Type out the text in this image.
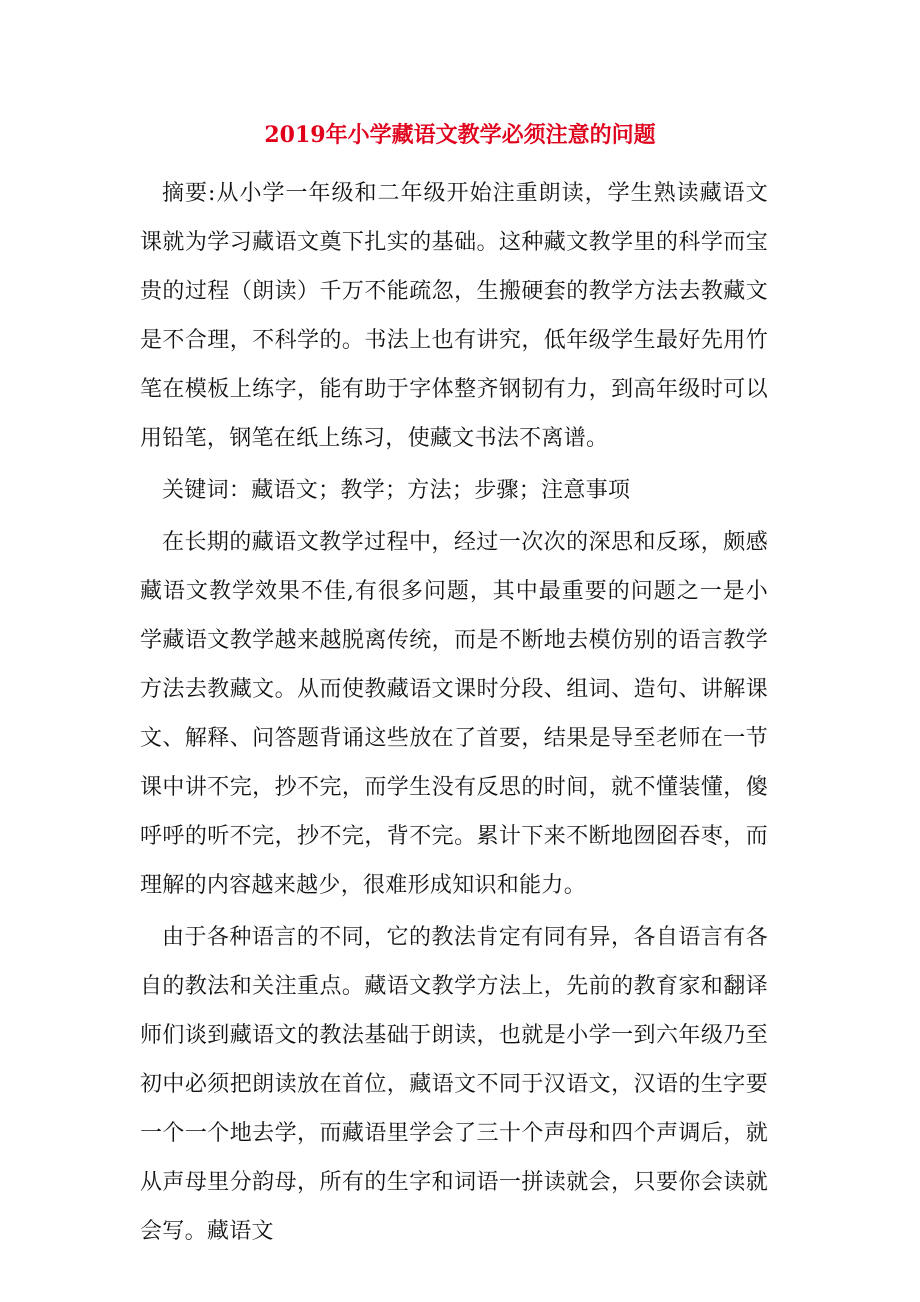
2019年小学藏语文教学必须注意的问题

摘要:从小学一年级和二年级开始注重朗读，学生熟读藏语文课就为学习藏语文奠下扎实的基础。这种藏文教学里的科学而宝贵的过程（朗读）千万不能疏忽，生搬硬套的教学方法去教藏文是不合理，不科学的。书法上也有讲究，低年级学生最好先用竹笔在模板上练字，能有助于字体整齐钢韧有力，到高年级时可以用铅笔，钢笔在纸上练习，使藏文书法不离谱。

关键词：藏语文；教学；方法；步骤；注意事项

在长期的藏语文教学过程中，经过一次次的深思和反琢，颇感藏语文教学效果不佳,有很多问题，其中最重要的问题之一是小学藏语文教学越来越脱离传统，而是不断地去模仿别的语言教学方法去教藏文。从而使教藏语文课时分段、组词、造句、讲解课文、解释、问答题背诵这些放在了首要，结果是导至老师在一节课中讲不完，抄不完，而学生没有反思的时间，就不懂装懂，傻呼呼的听不完，抄不完，背不完。累计下来不断地囫囵吞枣，而理解的内容越来越少，很难形成知识和能力。

由于各种语言的不同，它的教法肯定有同有异，各自语言有各自的教法和关注重点。藏语文教学方法上，先前的教育家和翻译师们谈到藏语文的教法基础于朗读，也就是小学一到六年级乃至初中必须把朗读放在首位，藏语文不同于汉语文，汉语的生字要一个一个地去学，而藏语里学会了三十个声母和四个声调后，就从声母里分韵母，所有的生字和词语一拼读就会，只要你会读就会写。藏语文
